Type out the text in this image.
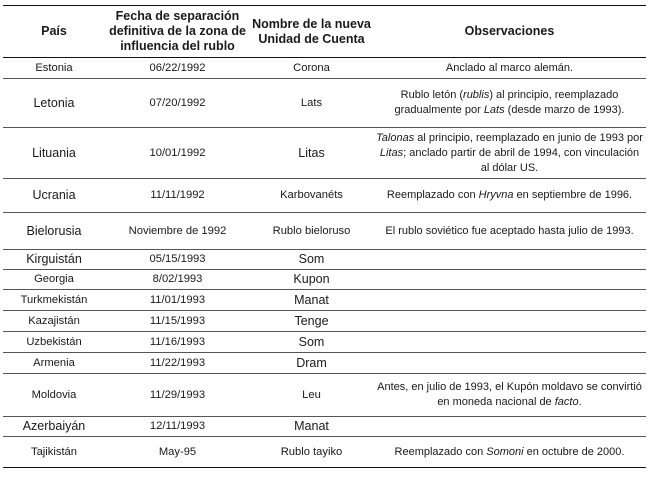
País	Fecha de separación definitiva de la zona de influencia del rublo	Nombre de la nueva Unidad de Cuenta	Observaciones
Estonia	06/22/1992	Corona	Anclado al marco alemán.
Letonia	07/20/1992	Lats	Rublo letón (rublis) al principio, reemplazado gradualmente por Lats (desde marzo de 1993).
Lituania	10/01/1992	Litas	Talonas al principio, reemplazado en junio de 1993 por Litas; anclado partir de abril de 1994, con vinculación al dólar US.
Ucrania	11/11/1992	Karbovanéts	Reemplazado con Hryvna en septiembre de 1996.
Bielorusia	Noviembre de 1992	Rublo bieloruso	El rublo soviético fue aceptado hasta julio de 1993.
Kirguistán	05/15/1993	Som	
Georgia	8/02/1993	Kupon	
Turkmekistán	11/01/1993	Manat	
Kazajistán	11/15/1993	Tenge	
Uzbekistán	11/16/1993	Som	
Armenia	11/22/1993	Dram	
Moldovia	11/29/1993	Leu	Antes, en julio de 1993, el Kupón moldavo se convirtió en moneda nacional de facto.
Azerbaiyán	12/11/1993	Manat	
Tajikistán	May-95	Rublo tayiko	Reemplazado con Somoni en octubre de 2000.
